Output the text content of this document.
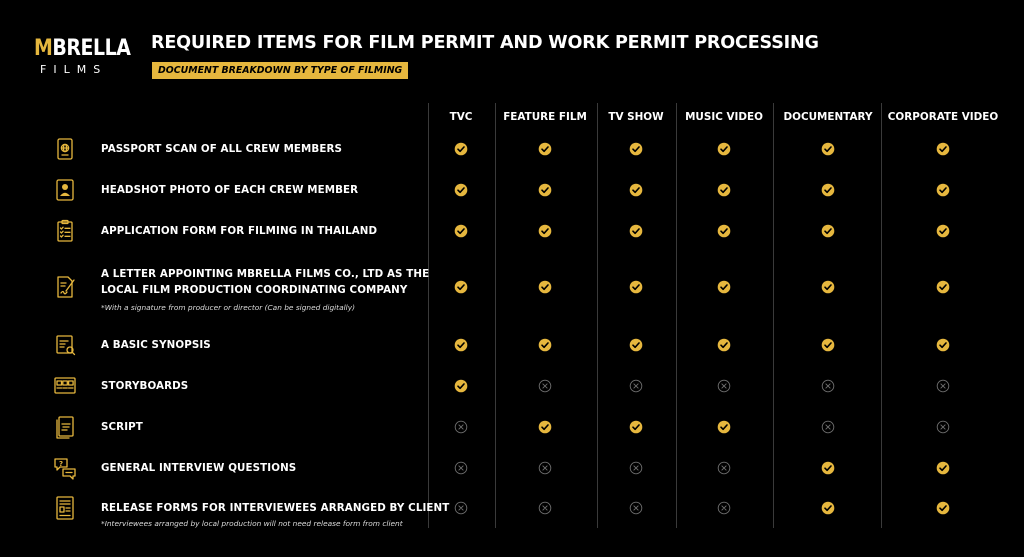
MBRELLA
FILMS
REQUIRED ITEMS FOR FILM PERMIT AND WORK PERMIT PROCESSING
DOCUMENT BREAKDOWN BY TYPE OF FILMING
TVC	FEATURE FILM TV SHOW MUSIC VIDEO DOCUMENTARY CORPORATE VIDEO
PASSPORT SCAN OF ALL CREW MEMBERS
HEADSHOT PHOTO OF EACH CREW MEMBER
APPLICATION FORM FOR FILMING IN THAILAND
A LETTER APPOINTING MBRELLA FILMS CO., LTD AS THE
LOCAL FILM PRODUCTION COORDINATING COMPANY
*With a signature from producer or director (Can be signed digitally)
A BASIC SYNOPSIS
STORYBOARDS
SCRIPT
?	GENERAL INTERVIEW QUESTIONS
RELEASE FORMS FOR INTERVIEWEES ARRANGED BY CLIENT
*Interviewees arranged by local production will not need release form from client
